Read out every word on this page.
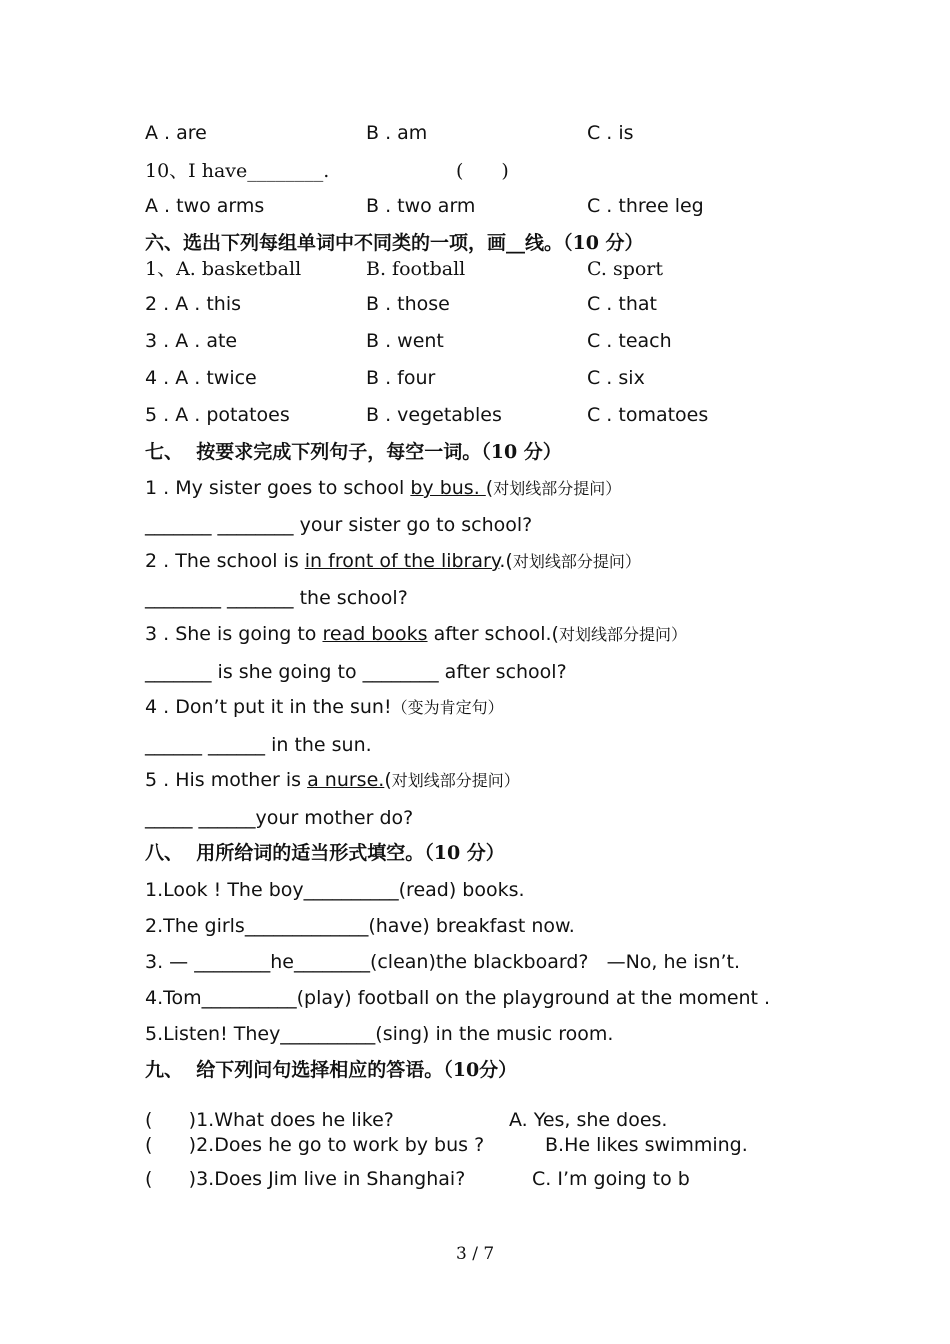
A . are	B . am	C . is
10、I have________.	(　　)
A . two arms	B . two arm	C . three leg
六、选出下列每组单词中不同类的一项，画__线。（10 分）
1、A. basketball	B. football	C. sport
2 . A . this	B . those	C . that
3 . A . ate	B . went	C . teach
4 . A . twice	B . four	C . six
5 . A . potatoes	B . vegetables	C . tomatoes
七、  按要求完成下列句子，每空一词。（10 分）
1 . My sister goes to school by bus. (对划线部分提问）
_______ ________ your sister go to school?
2 . The school is in front of the library.(对划线部分提问）
________ _______ the school?
3 . She is going to read books after school.(对划线部分提问）
_______ is she going to ________ after school?
4 . Don’t put it in the sun!（变为肯定句）
______ ______ in the sun.
5 . His mother is a nurse.(对划线部分提问）
_____ ______your mother do?
八、  用所给词的适当形式填空。（10 分）
1.Look ! The boy__________(read) books.
2.The girls_____________(have) breakfast now.
3. — ________he________(clean)the blackboard?   —No, he isn’t.
4.Tom__________(play) football on the playground at the moment .
5.Listen! They__________(sing) in the music room.
九、  给下列问句选择相应的答语。（10分）
(      )1.What does he like?	A. Yes, she does.
(      )2.Does he go to work by bus ?	B.He likes swimming.
(      )3.Does Jim live in Shanghai?	C. I’m going to b
3 / 7
